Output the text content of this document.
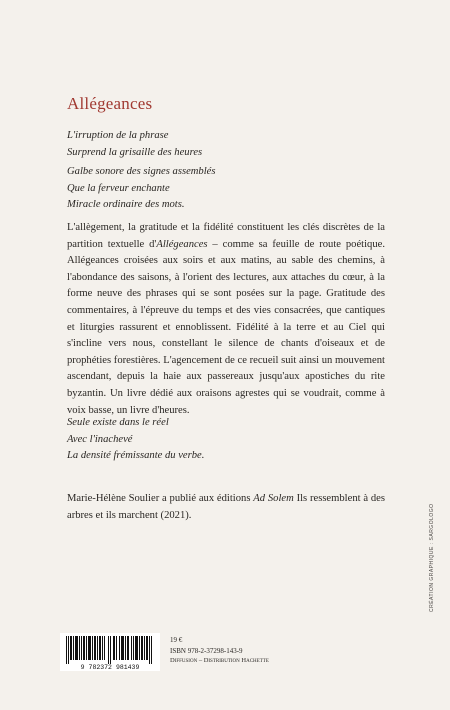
Allégeances
L'irruption de la phrase
Surprend la grisaille des heures
Galbe sonore des signes assemblés
Que la ferveur enchante
Miracle ordinaire des mots.

L'allègement, la gratitude et la fidélité constituent les clés discrètes de la partition textuelle d'Allégeances – comme sa feuille de route poétique. Allégeances croisées aux soirs et aux matins, au sable des chemins, à l'abondance des saisons, à l'orient des lectures, aux attaches du cœur, à la forme neuve des phrases qui se sont posées sur la page. Gratitude des commentaires, à l'épreuve du temps et des vies consacrées, que cantiques et liturgies rassurent et ennoblissent. Fidélité à la terre et au Ciel qui s'incline vers nous, constellant le silence de chants d'oiseaux et de prophéties forestières. L'agencement de ce recueil suit ainsi un mouvement ascendant, depuis la haie aux passereaux jusqu'aux apostiches du rite byzantin. Un livre dédié aux oraisons agrestes qui se voudrait, comme à voix basse, un livre d'heures.

Seule existe dans le réel
Avec l'inachevé
La densité frémissante du verbe.

Marie-Hélène Soulier a publié aux éditions Ad Solem Ils ressemblent à des arbres et ils marchent (2021).	CRÉATION GRAPHIQUE : SARGOLOGO
9 782372 981439
19 €
ISBN 978-2-37298-143-9
Diffusion – Distribution Hachette
